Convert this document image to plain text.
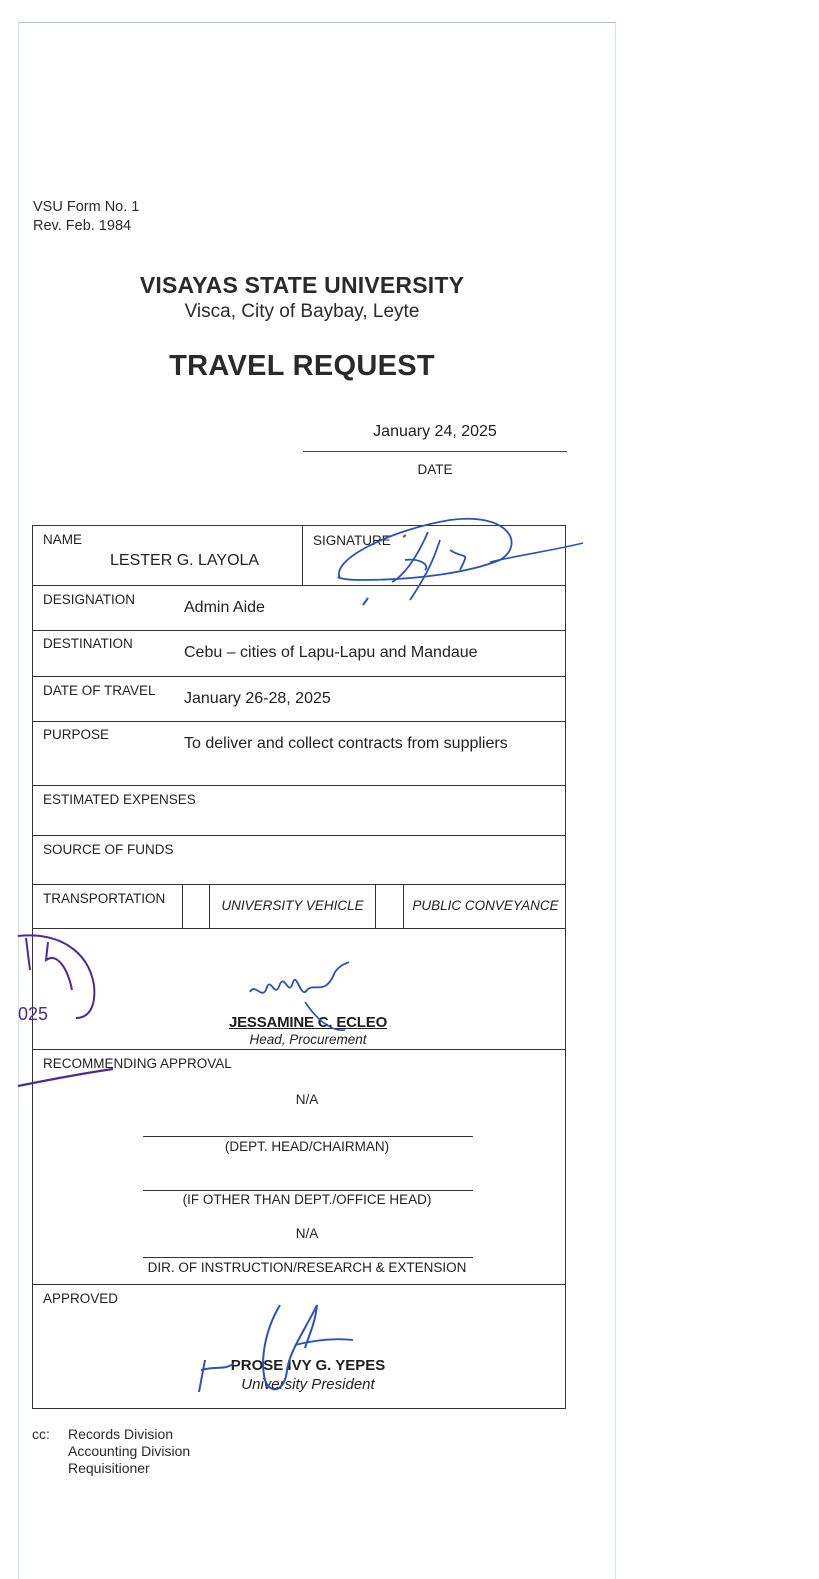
VSU Form No. 1
Rev. Feb. 1984
VISAYAS STATE UNIVERSITY
Visca, City of Baybay, Leyte
TRAVEL REQUEST
January 24, 2025
DATE
NAME
LESTER G. LAYOLA
SIGNATURE
DESIGNATION	Admin Aide
DESTINATION
Cebu – cities of Lapu-Lapu and Mandaue
DATE OF TRAVEL January 26-28, 2025
PURPOSE
To deliver and collect contracts from suppliers
ESTIMATED EXPENSES
SOURCE OF FUNDS
TRANSPORTATION	UNIVERSITY VEHICLE	PUBLIC CONVEYANCE
JESSAMINE C. ECLEO
Head, Procurement
RECOMMENDING APPROVAL
N/A
(DEPT. HEAD/CHAIRMAN)
(IF OTHER THAN DEPT./OFFICE HEAD)
N/A
DIR. OF INSTRUCTION/RESEARCH & EXTENSION
APPROVED
PROSE IVY G. YEPES
University President
025
cc: Records Division
Accounting Division
Requisitioner
